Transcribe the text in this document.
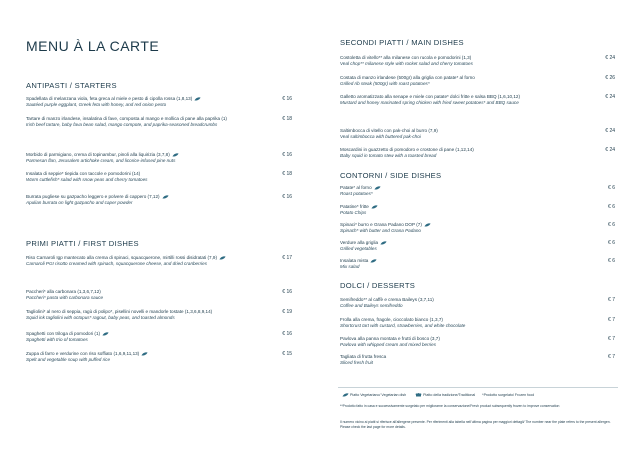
MENU À LA CARTE
ANTIPASTI / STARTERS
Spadellata di melanzana viola, feta greca al miele e pesto di cipolla rossa (1,8,13)
Sautéed purple eggplant, Greek feta with honey, and red onion pesto
€ 16
Tartare di manzo irlandese, insalatina di fave, composta al mango e mollica di pane alla paprika (1)
Irish beef tartare, baby fava bean salad, mango compote, and paprika-seasoned breadcrumbs
€ 18
Morbido di parmigiano, crema di topinambur, pinoli alla liquirizia (3,7,8)
Parmesan flan, Jerusalem artichoke cream, and licorice-infused pine nuts
€ 16
Insalata di seppie* tiepida con taccole e pomodorini (14)
Warm cuttlefish* salad with snow peas and cherry tomatoes
€ 18
Burrata pugliese su gazpacho leggero e polvere di cappero (7,12)
Apulian burrata on light gazpacho and caper powder
€ 16
PRIMI PIATTI / FIRST DISHES
Riso Carnaroli Igp mantecato alla crema di spinaci, squacquerone, mirtilli rossi disidratati (7,9)
Carnaroli PGI risotto creamed with spinach, squacquerone cheese, and dried cranberries
€ 17
Paccheri* alla carbonara (1,3,6,7,12)
Paccheri* pasta with carbonara sauce
€ 16
Tagliolini* al nero di seppia, ragù di polipo*, pisellini novelli e mandorle tostate (1,3,6,8,9,14)
Squid ink tagliolini with octopus* ragout, baby peas, and toasted almonds
€ 19
Spaghetti con triloga di pomodori (1)
Spaghetti with trio of tomatoes
€ 16
Zuppa di farro e verdurine con riso soffiato (1,6,9,11,13)
Spelt and vegetable soup with puffed rice
€ 15
SECONDI PIATTI / MAIN DISHES
Costoletta di vitello** alla milanese con rucola e pomodorini (1,3)
Veal chop** milanese style with rocket salad and cherry tomatoes
€ 24
Costata di manzo irlandese (500gr) alla griglia con patate* al forno
Grilled rib steak (500gr) with roast potatoes*
€ 26
Galletto aromatizzato alla senape e miele con patate* dolci fritte e salsa BBQ (1,6,10,12)
Mustard and honey marinated spring chicken with fried sweet potatoes* and BBQ sauce
€ 24
Saltimbocca di vitello con pak-choi al burro (7,9)
Veal saltimbocca with buttered pak-choi
€ 24
Moscardini in guazzetto di pomodoro e crostone di pane (1,12,14)
Baby squid in tomato stew with a toasted bread
€ 24
CONTORNI / SIDE DISHES
Patate* al forno
Roast potatoes*
€ 6
Patatine* fritte
Potato Chips
€ 6
Spinaci* burro e Grana Padano DOP (7)
Spinach* with butter and Grana Padano
€ 6
Verdure alla griglia
Grilled vegetables
€ 6
Insalata mista
Mix salad
€ 6
DOLCI / DESSERTS
Semifreddo** al caffè e crema Baileys (3,7,11)
Coffee and Baileys semifreddo
€ 7
Frolla alla crema, fragole, cioccolato bianco (1,3,7)
Shortcrust tart with custard, strawberries, and white chocolate
€ 7
Pavlova alla panna montata e frutti di bosco (3,7)
Pavlova with whipped cream and mixed berries
€ 7
Tagliata di frutta fresca
Sliced fresh fruit
€ 7
Piatto Vegetariano/ Vegetarian dish	Piatto della tradizione/Traditional *Prodotto surgelato/ Frozen food
**Prodotto fatto in casa e successivamente surgelato per migliorarne la conservazione/Fresh product subsequently frozen to improve conservation
Il numero vicino ai piatti si riferisce all'allergene presente. Per riferimenti alla tabella nell'ultima pagina per maggiori dettagli/ The number near the plate refers to the present allergen. Please check the last page for more details.
